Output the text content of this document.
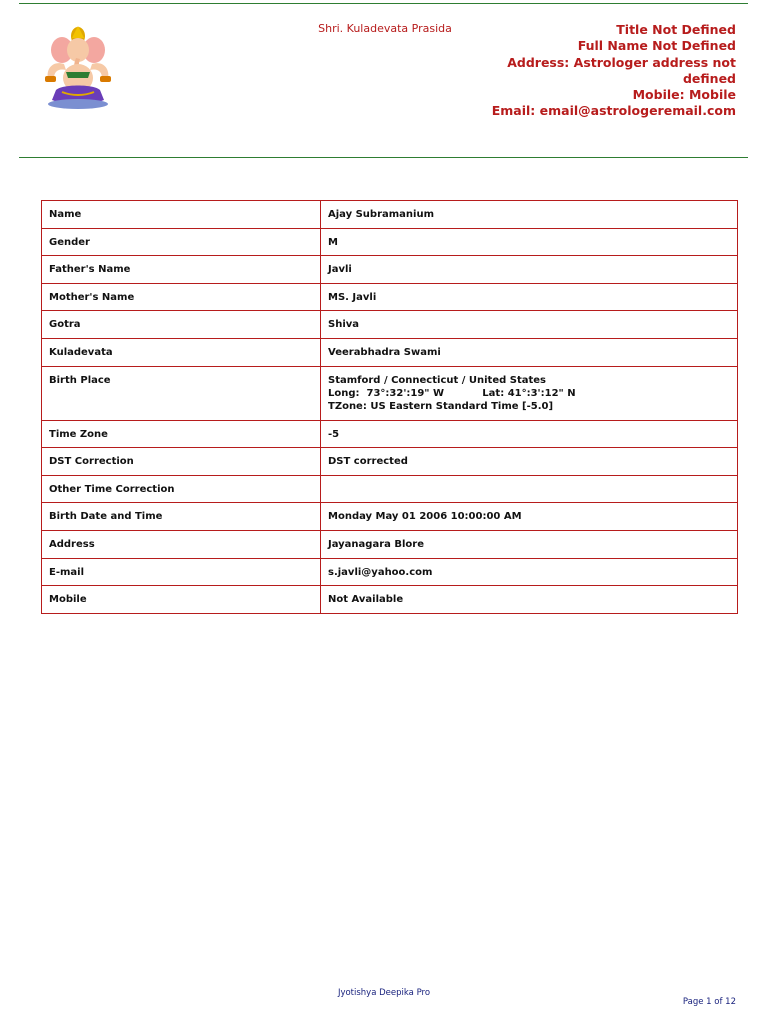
Shri. Kuladevata Prasida	Title Not Defined
Full Name Not Defined
Address: Astrologer address not defined
Mobile: Mobile
Email: email@astrologeremail.com
Name	Ajay Subramanium
Gender	M
Father's Name	Javli
Mother's Name	MS. Javli
Gotra	Shiva
Kuladevata	Veerabhadra Swami
Birth Place	Stamford / Connecticut / United States
Long:  73°:32':19" W           Lat: 41°:3':12" N
TZone: US Eastern Standard Time [-5.0]

Time Zone	-5
DST Correction	DST corrected
Other Time Correction	
Birth Date and Time	Monday May 01 2006 10:00:00 AM
Address	Jayanagara Blore
E-mail	s.javli@yahoo.com
Mobile	Not Available
Jyotishya Deepika Pro
Page 1 of 12
